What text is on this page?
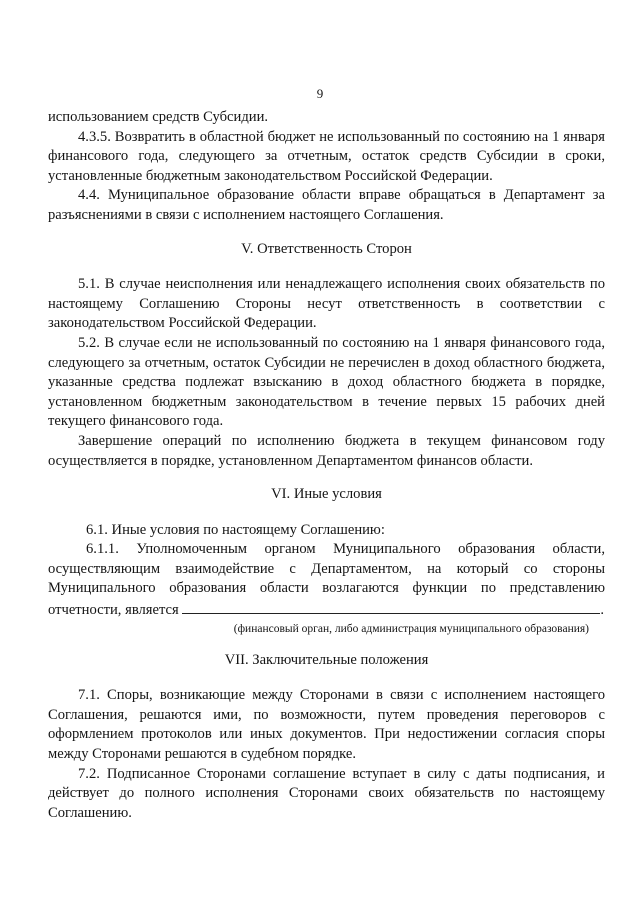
9

использованием средств Субсидии.

4.3.5. Возвратить в областной бюджет не использованный по состоянию на 1 января финансового года, следующего за отчетным, остаток средств Субсидии в сроки, установленные бюджетным законодательством Российской Федерации.

4.4. Муниципальное образование области вправе обращаться в Департамент за разъяснениями в связи с исполнением настоящего Соглашения.

V. Ответственность Сторон

5.1. В случае неисполнения или ненадлежащего исполнения своих обязательств по настоящему Соглашению Стороны несут ответственность в соответствии с законодательством Российской Федерации.

5.2. В случае если не использованный по состоянию на 1 января финансового года, следующего за отчетным, остаток Субсидии не перечислен в доход областного бюджета, указанные средства подлежат взысканию в доход областного бюджета в порядке, установленном бюджетным законодательством в течение первых 15 рабочих дней текущего финансового года.

Завершение операций по исполнению бюджета в текущем финансовом году осуществляется в порядке, установленном Департаментом финансов области.

VI. Иные условия

6.1. Иные условия по настоящему Соглашению:

6.1.1. Уполномоченным органом Муниципального образования области, осуществляющим взаимодействие с Департаментом, на который со стороны Муниципального образования области возлагаются функции по представлению отчетности, является	.

(финансовый орган, либо администрация муниципального образования)

VII. Заключительные положения

7.1. Споры, возникающие между Сторонами в связи с исполнением настоящего Соглашения, решаются ими, по возможности, путем проведения переговоров с оформлением протоколов или иных документов. При недостижении согласия споры между Сторонами решаются в судебном порядке.

7.2. Подписанное Сторонами соглашение вступает в силу с даты подписания, и действует до полного исполнения Сторонами своих обязательств по настоящему Соглашению.
